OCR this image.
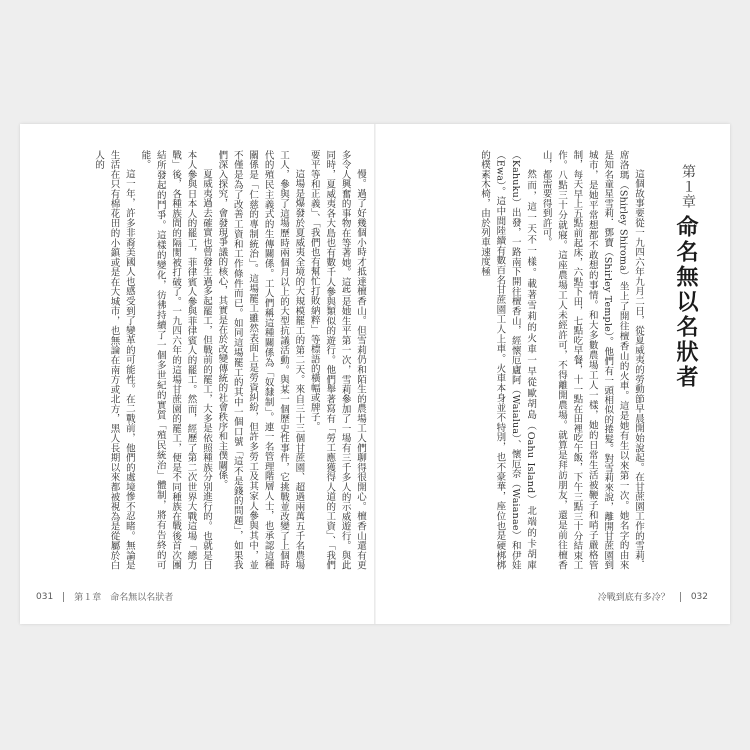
慢。過了好幾個小時才抵達檀香山。但雪莉仍和陌生的農場工人們聊得很開心。檀香山還有更多令人興奮的事物在等著她。這些是她生平第一次，雪莉參加了一場有三千多人的示威遊行。與此同時，夏威夷各大島也有數千人參與類似的遊行。他們舉著寫有「勞工應獲得人道的工資」、「我們要平等和正義」、「我們也有幫忙打敗納粹」等標語的橫幅或牌子。

這場是爆發於夏威夷全境的大規模罷工的第二天。來自三十三個甘蔗園、超過兩萬五千名農場工人，參與了這場歷時兩個月以上的大型抗議活動。與某一個歷史性事件，它挑戰並改變了上個時代的殖民主義式的生傳關係。工人們稱這種關係為「奴隸制」。連一名管理階層人士，也承認這種關係是「仁慈的專制統治」。這場罷工雖然表面上是勞資糾紛，但許多勞工及其家人參與其中，並不僅是為了改善工資和工作條件而已。如同這場罷工的其中一個口號「這不是錢的問題」，如果我們深入探究，會發現爭議的核心，其實是在於改變傳統的社會秩序和主僕關係。

夏威夷過去確實也曾發生過多起罷工，但戰前的罷工，大多是依照種族分別進行的。也就是日本人參與日本人的罷工，菲律賓人參與菲律賓人的罷工。然而，經歷了第二次世界大戰這場「總力戰」後，各種族間的隔閡被打破了。一九四六年的這場甘蔗園的罷工，便是不同種族在戰後首次團結所發起的鬥爭。這樣的變化，彷彿持續了一個多世紀的實質「殖民統治」體制，將有告終的可能。

這一年，許多非裔美國人也感受到了變革的可能性。在二戰前，他們的處境慘不忍睹。無論是生活在只有棉花田的小鎮或是在大城市，也無論在南方或北方，黑人長期以來都被視為是從屬於白人的

031 第１章　命名無以名狀者
第１章
命名無以名狀者

這個故事要從一九四六年九月二日，從夏威夷的勞動節早晨開始說起。在甘蔗園工作的雪莉．席洛瑪（Shirley Shiroma）坐上了開往檀香山的火車。這是她有生以來第一次。她名字的由來是知名童星雪莉．鄧寶（Shirley Temple）。他們有一頭相似的捲髮。對雪莉來說，離開甘蔗園到城市，是她平常想都不敢想的事情。和大多數農場工人一樣，她的日常生活被鞭子和哨子嚴格管制，每天早上五點前起床，六點下田，七點吃早餐，十一點在田裡吃午飯，下午三點三十分結束工作。八點三十分就寢。這座農場工人未經許可，不得離開農場。就算是拜訪朋友，還是前往檀香山，都需要得到許可。

然而，這一天不一樣。載著雪莉的火車一早從歐胡島（Oahu Island）北端的卡胡庫（Kahuku）出發，一路南下開往檀香山，經懷厄廬阿（Waialua）、懷厄奈（Waianae）和伊娃（Ewa）。這中間陸續有數百名甘蔗園工人上車。火車本身並不特別，也不豪華，座位也是硬梆梆的樸素木椅，由於列車速度極

冷戰到底有多冷？ 032
